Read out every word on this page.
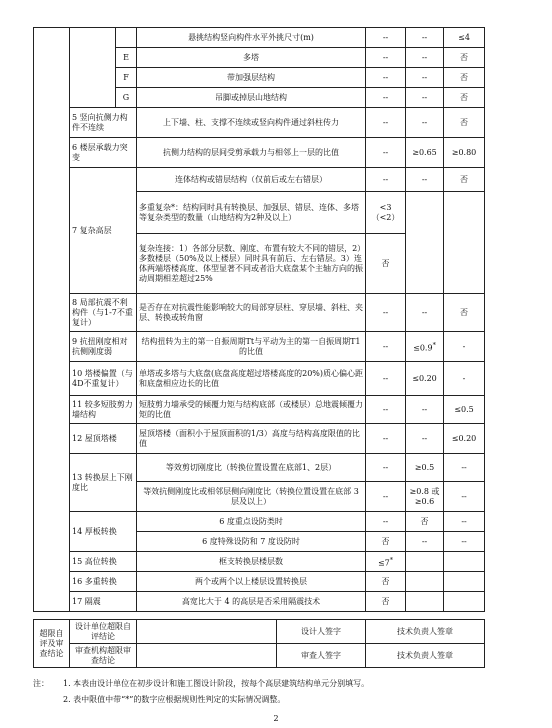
			悬挑结构竖向构件水平外挑尺寸(m)	--	--	≤4
		E	多塔	--	--	否
		F	带加强层结构	--	--	否
		G	吊脚或掉层山地结构	--	--	否
	5 竖向抗侧力构件不连续		上下墙、柱、支撑不连续或竖向构件通过斜柱传力	--	--	否
	6 楼层承载力突变		抗侧力结构的层间受剪承载力与相邻上一层的比值	--	≥0.65	≥0.80
	7 复杂高层		连体结构或错层结构（仅前后或左右错层）	--	--	否
			多重复杂*：结构同时具有转换层、加强层、错层、连体、多塔等复杂类型的数量（山地结构为2种及以上）	<3 （<2）		
			复杂连接：1）各部分层数、刚度、布置有较大不同的错层，2）多数楼层（50%及以上楼层）同时具有前后、左右错层。3）连体两端塔楼高度、体型显著不同或者沿大底盘某个主轴方向的振动周期相差超过25%	否		
	8 局部抗震不利构件（与1-7不重复计）		是否存在对抗震性能影响较大的局部穿层柱、穿层墙、斜柱、夹层、转换或转角窗	--	--	否
	9 抗扭刚度相对抗侧刚度弱		结构扭转为主的第一自振周期Tt与平动为主的第一自振周期T1的比值	--	≤0.9*	-
	10 塔楼偏置（与4D不重复计）		单塔或多塔与大底盘(底盘高度超过塔楼高度的20%)质心偏心距和底盘相应边长的比值	--	≤0.20	-
	11 较多短肢剪力墙结构		短肢剪力墙承受的倾覆力矩与结构底部（或楼层）总地震倾覆力矩的比值	--	--	≤0.5
	12 屋顶塔楼		屋顶塔楼（面积小于屋顶面积的1/3）高度与结构高度限值的比值	--	--	≤0.20
	13 转换层上下刚度比		等效剪切刚度比（转换位置设置在底部1、2层）	--	≥0.5	--
			等效抗侧刚度比或相邻层侧向刚度比（转换位置设置在底部 3 层及以上）	--	≥0.8 或 ≥0.6	--
	14 厚板转换		6 度重点设防类时	--	否	--
			6 度特殊设防和 7 度设防时	否	--	--
	15 高位转换		框支转换层楼层数	≤7*		
	16 多重转换		两个或两个以上楼层设置转换层	否		
	17 隔震		高宽比大于 4 的高层是否采用隔震技术	否		
超限自评及审查结论	设计单位超限自评结论		设计人签字	技术负责人签章
	审查机构超限审查结论		审查人签字	技术负责人签章
注：	1. 本表由设计单位在初步设计和施工图设计阶段，按每个高层建筑结构单元分别填写。
2. 表中限值中带“*”的数字应根据规则性判定的实际情况调整。
2
